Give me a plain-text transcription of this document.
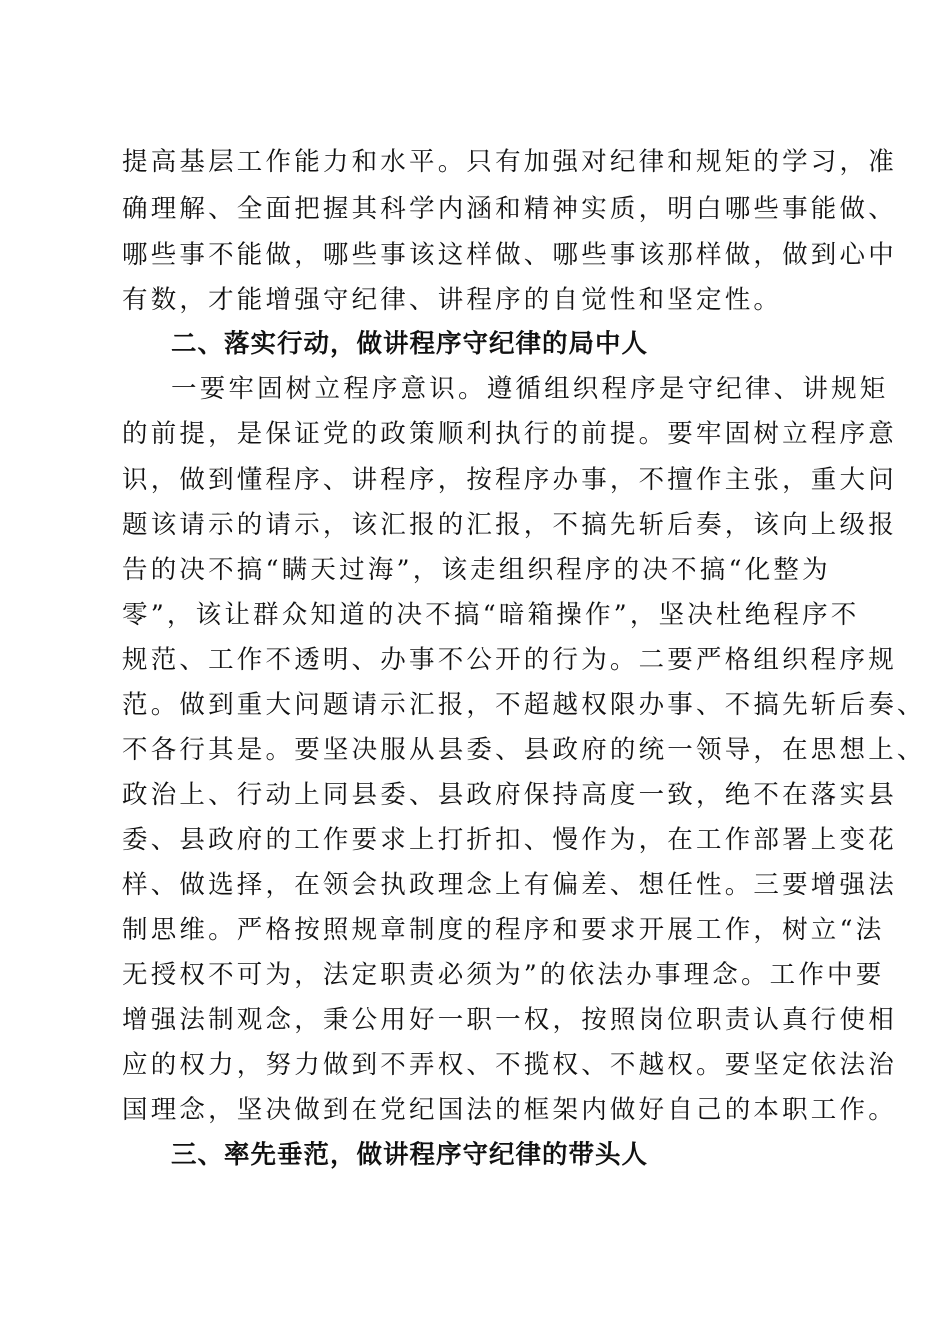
提高基层工作能力和水平。只有加强对纪律和规矩的学习，准
确理解、全面把握其科学内涵和精神实质，明白哪些事能做、
哪些事不能做，哪些事该这样做、哪些事该那样做，做到心中
有数，才能增强守纪律、讲程序的自觉性和坚定性。
二、落实行动，做讲程序守纪律的局中人
一要牢固树立程序意识。遵循组织程序是守纪律、讲规矩
的前提，是保证党的政策顺利执行的前提。要牢固树立程序意
识，做到懂程序、讲程序，按程序办事，不擅作主张，重大问
题该请示的请示，该汇报的汇报，不搞先斩后奏，该向上级报
告的决不搞“瞒天过海”，该走组织程序的决不搞“化整为
零”，该让群众知道的决不搞“暗箱操作”，坚决杜绝程序不
规范、工作不透明、办事不公开的行为。二要严格组织程序规
范。做到重大问题请示汇报，不超越权限办事、不搞先斩后奏、
不各行其是。要坚决服从县委、县政府的统一领导，在思想上、
政治上、行动上同县委、县政府保持高度一致，绝不在落实县
委、县政府的工作要求上打折扣、慢作为，在工作部署上变花
样、做选择，在领会执政理念上有偏差、想任性。三要增强法
制思维。严格按照规章制度的程序和要求开展工作，树立“法
无授权不可为，法定职责必须为”的依法办事理念。工作中要
增强法制观念，秉公用好一职一权，按照岗位职责认真行使相
应的权力，努力做到不弄权、不揽权、不越权。要坚定依法治
国理念，坚决做到在党纪国法的框架内做好自己的本职工作。
三、率先垂范，做讲程序守纪律的带头人
